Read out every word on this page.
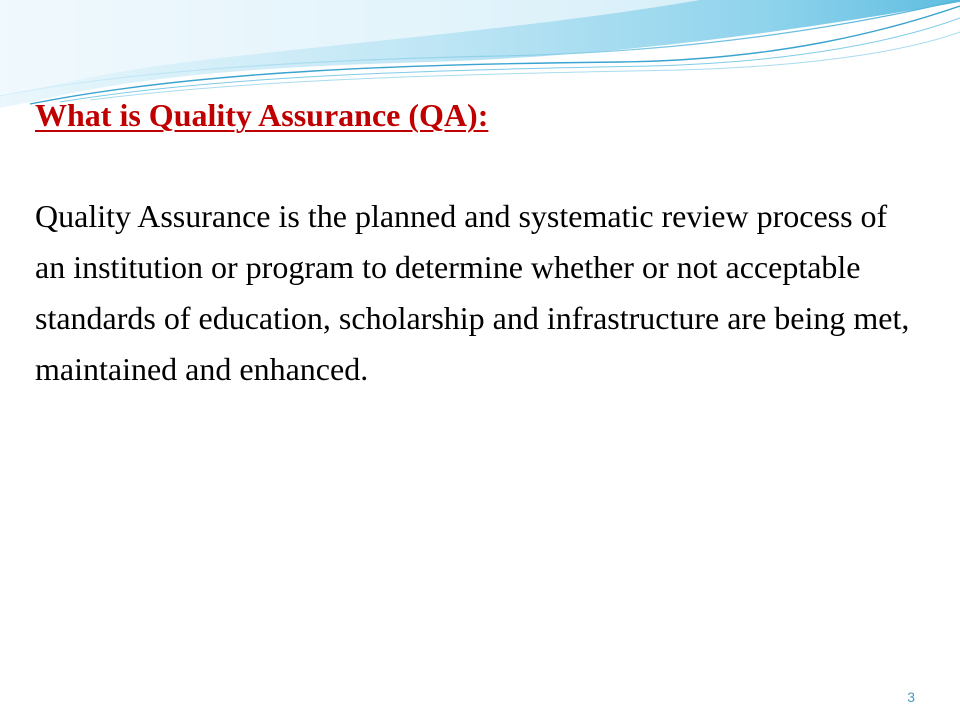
What is Quality Assurance (QA):

Quality Assurance is the planned and systematic review process of an institution or program to determine whether or not acceptable standards of education, scholarship and infrastructure are being met, maintained and enhanced.

3
